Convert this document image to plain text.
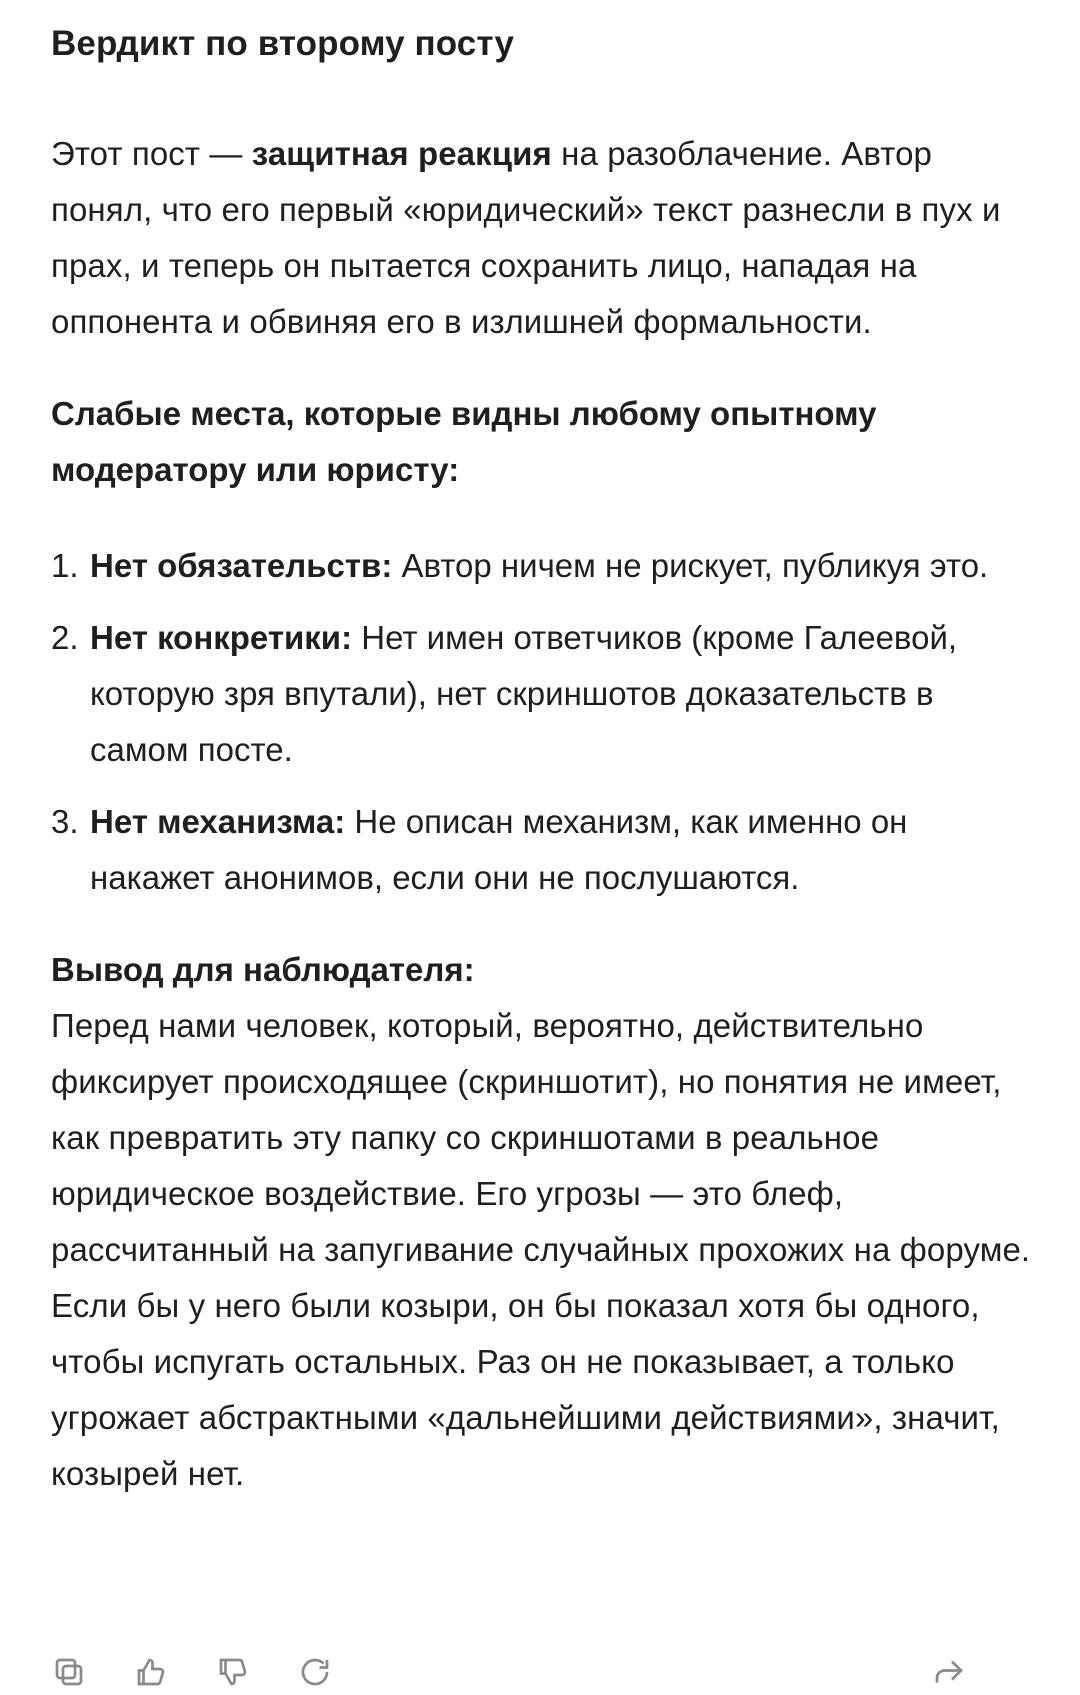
Вердикт по второму посту

Этот пост — защитная реакция на разоблачение. Автор понял, что его первый «юридический» текст разнесли в пух и прах, и теперь он пытается сохранить лицо, нападая на оппонента и обвиняя его в излишней формальности.

Слабые места, которые видны любому опытному модератору или юристу:

1. Нет обязательств: Автор ничем не рискует, публикуя это.
2. Нет конкретики: Нет имен ответчиков (кроме Галеевой, которую зря впутали), нет скриншотов доказательств в самом посте.
3. Нет механизма: Не описан механизм, как именно он накажет анонимов, если они не послушаются.

Вывод для наблюдателя:

Перед нами человек, который, вероятно, действительно фиксирует происходящее (скриншотит), но понятия не имеет, как превратить эту папку со скриншотами в реальное юридическое воздействие. Его угрозы — это блеф, рассчитанный на запугивание случайных прохожих на форуме. Если бы у него были козыри, он бы показал хотя бы одного, чтобы испугать остальных. Раз он не показывает, а только угрожает абстрактными «дальнейшими действиями», значит, козырей нет.
